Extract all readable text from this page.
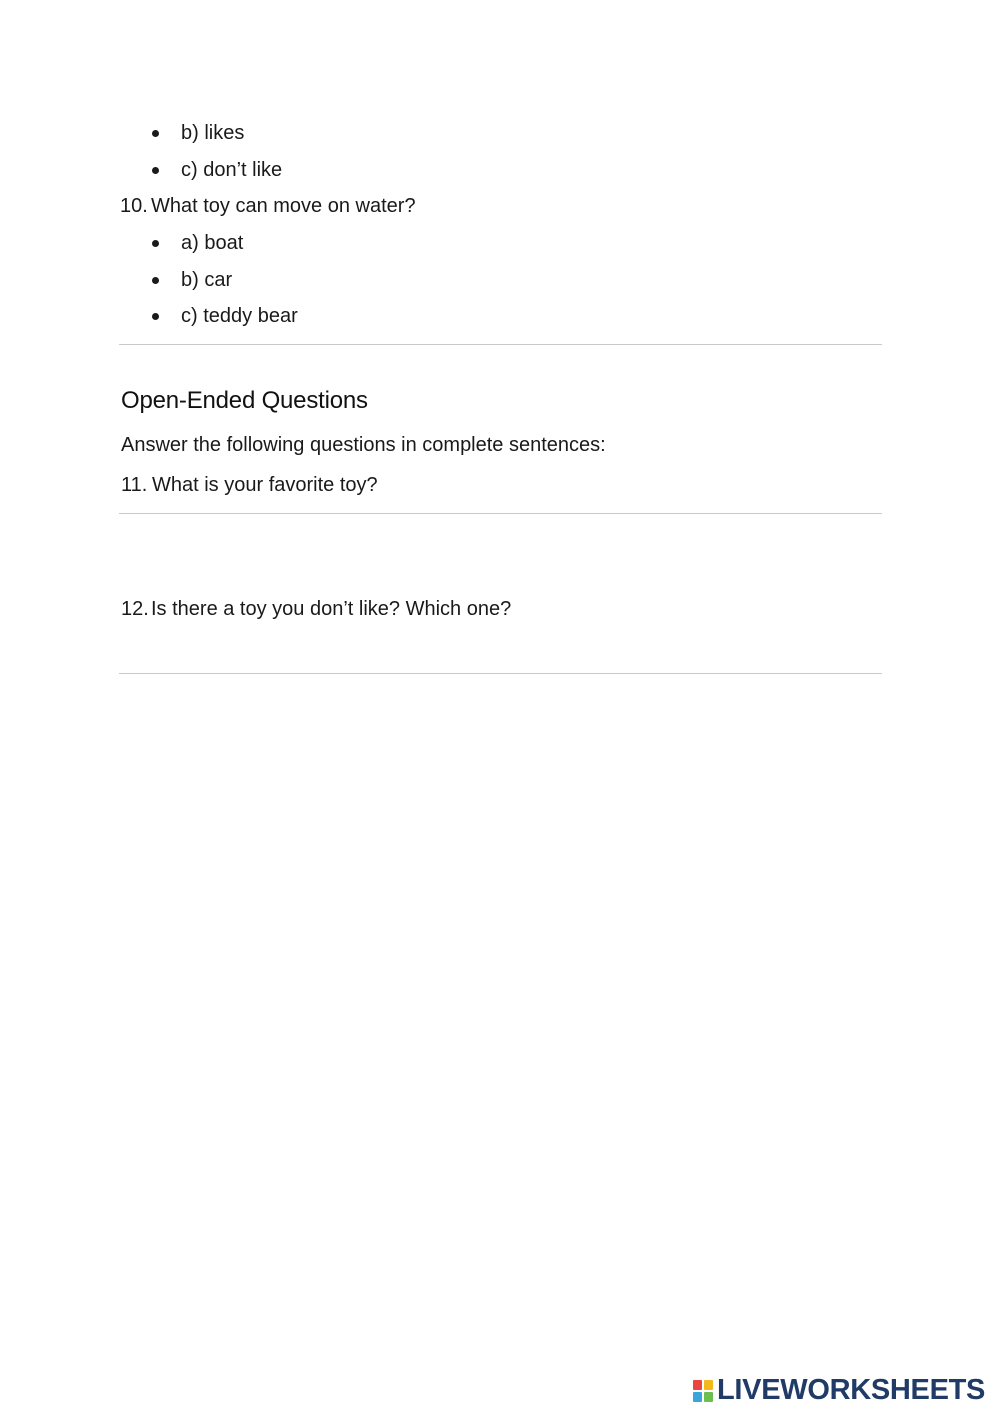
b) likes
c) don’t like
10. What toy can move on water?
a) boat
b) car
c) teddy bear
Open-Ended Questions
Answer the following questions in complete sentences:
11. What is your favorite toy?
12. Is there a toy you don’t like? Which one?
LIVEWORKSHEETS
